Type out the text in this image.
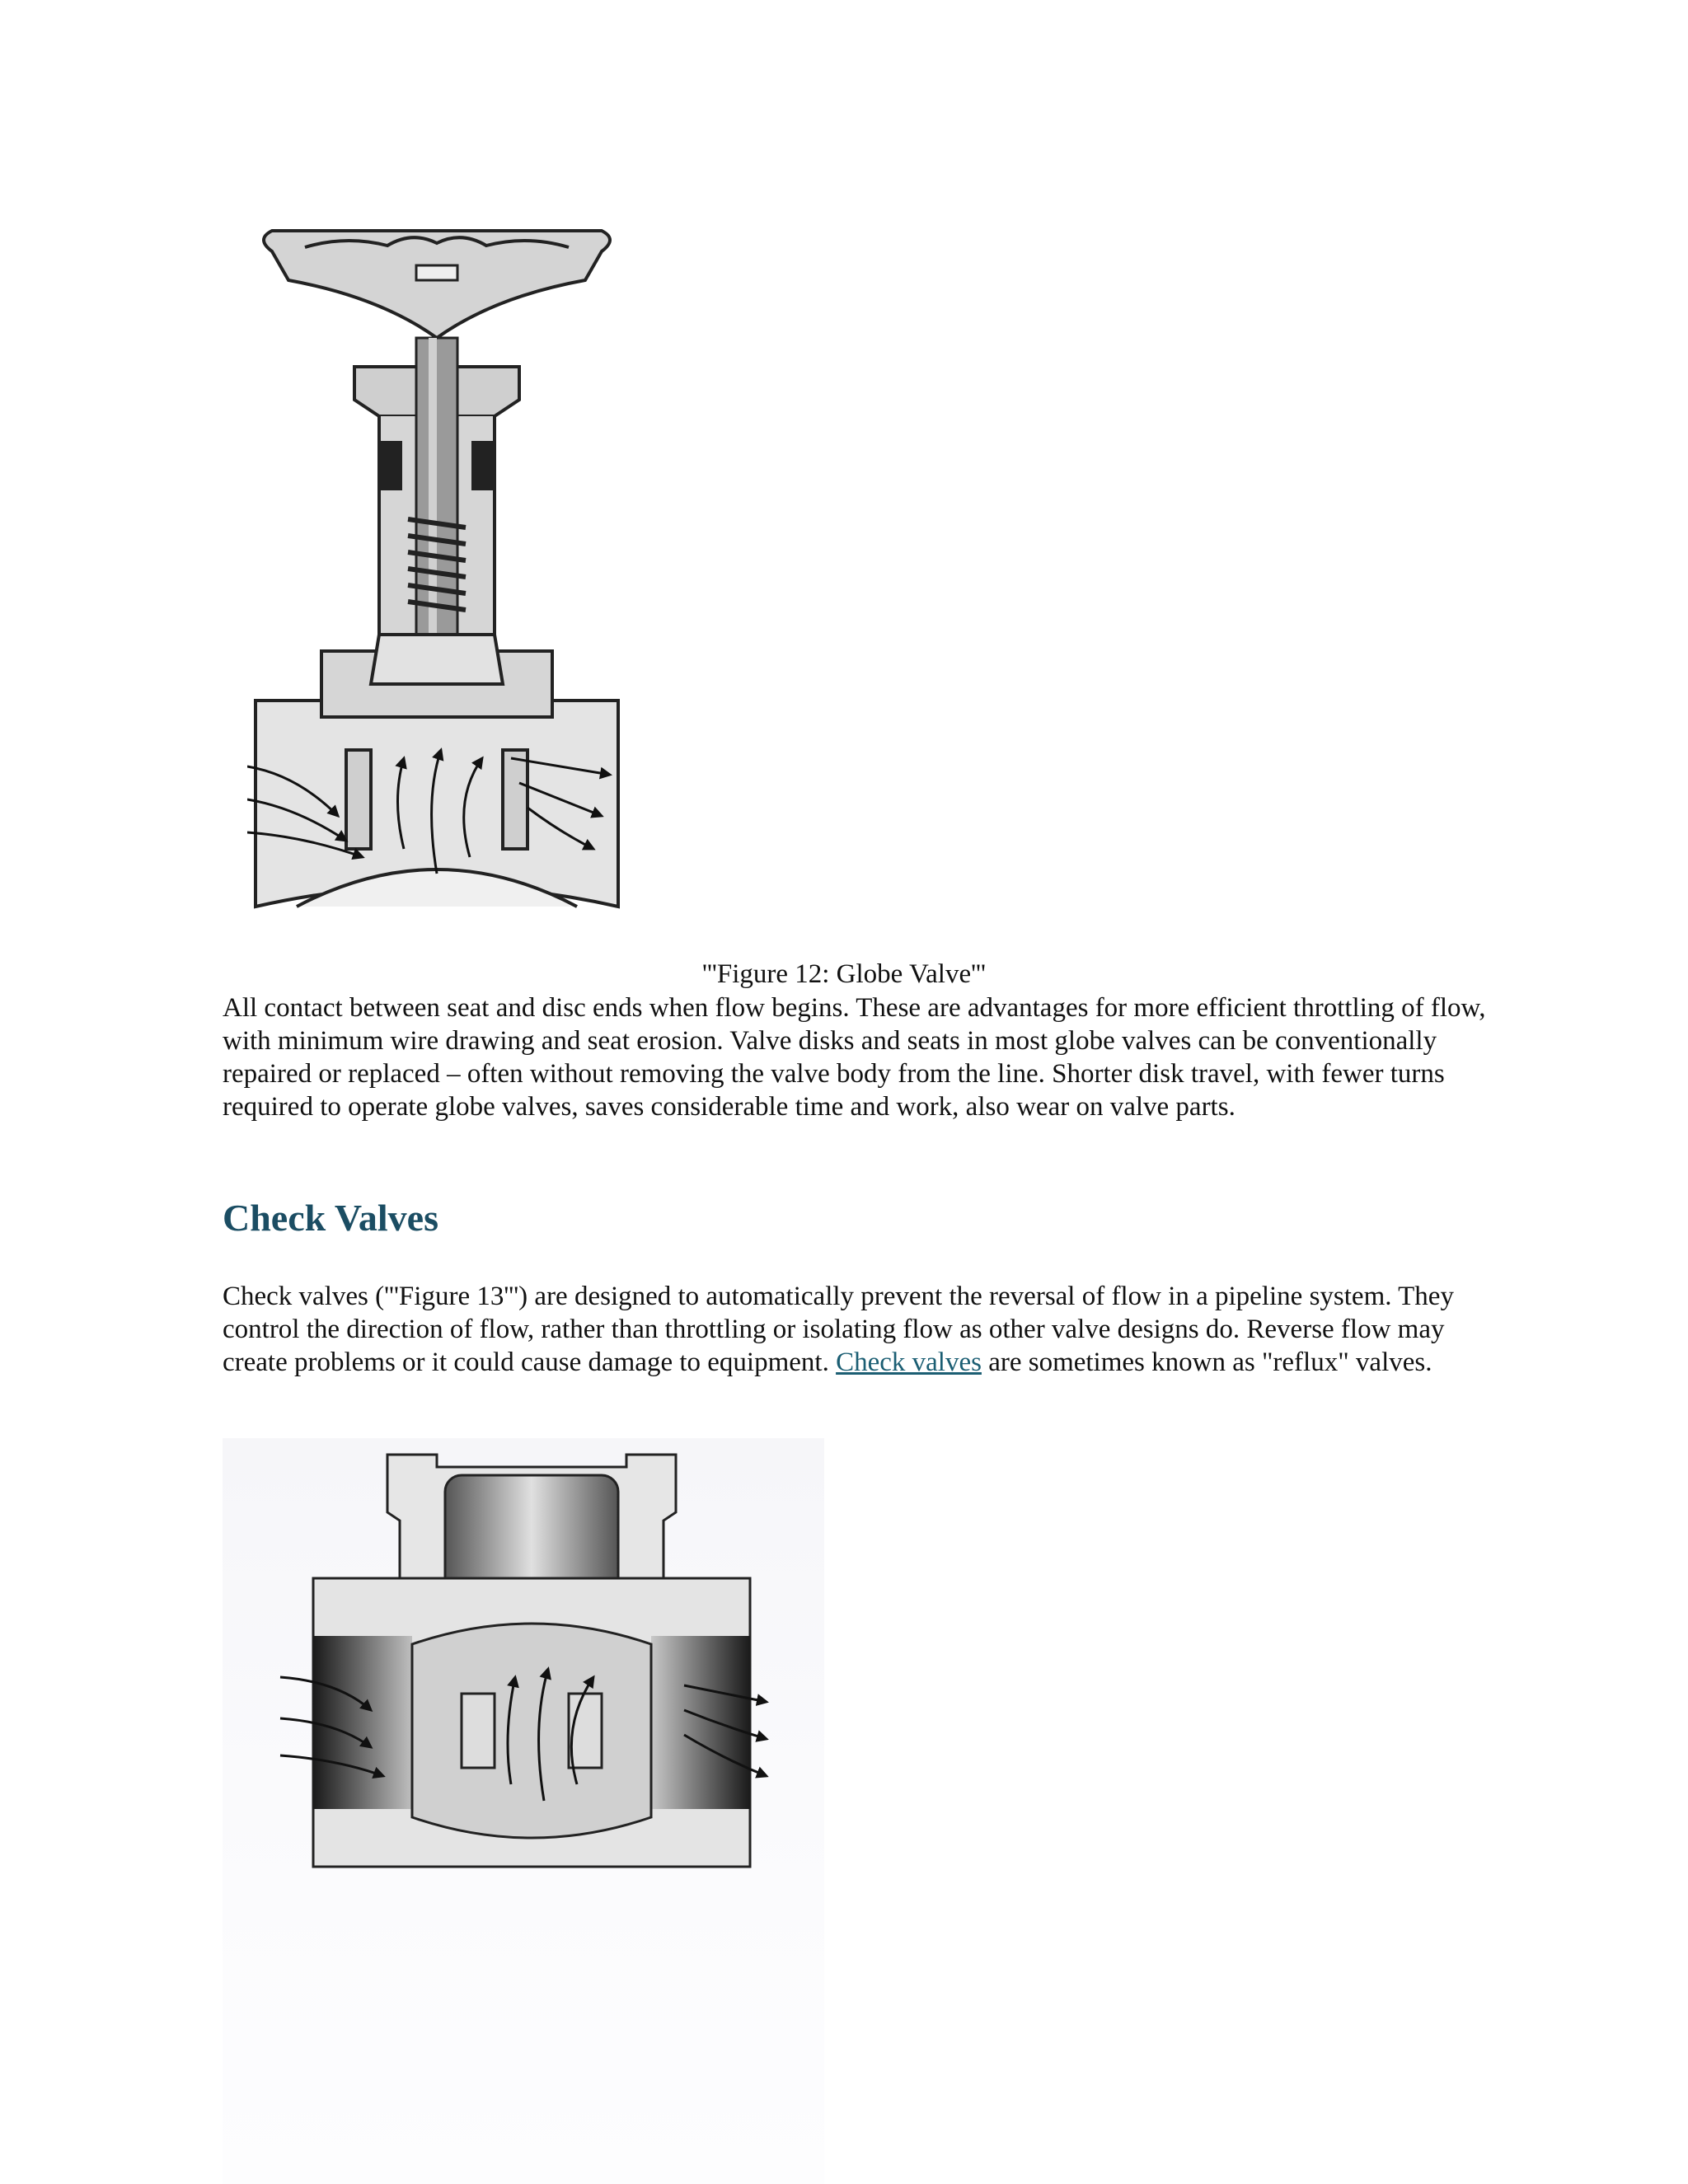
'''Figure 12: Globe Valve'''

All contact between seat and disc ends when flow begins. These are advantages for more efficient throttling of flow, with minimum wire drawing and seat erosion. Valve disks and seats in most globe valves can be conventionally repaired or replaced – often without removing the valve body from the line. Shorter disk travel, with fewer turns required to operate globe valves, saves considerable time and work, also wear on valve parts.

Check Valves

Check valves ('''Figure 13''') are designed to automatically prevent the reversal of flow in a pipeline system. They control the direction of flow, rather than throttling or isolating flow as other valve designs do. Reverse flow may create problems or it could cause damage to equipment. Check valves are sometimes known as "reflux" valves.
